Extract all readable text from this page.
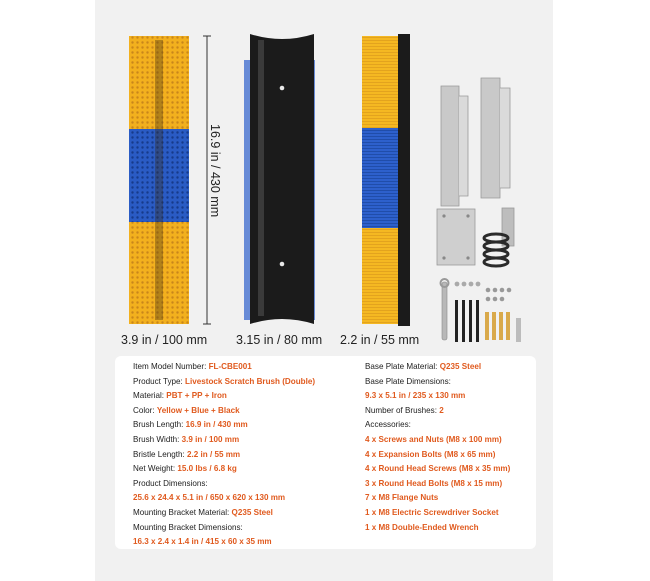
16.9 in / 430 mm
3.9 in / 100 mm 3.15 in / 80 mm 2.2 in / 55 mm
Item Model Number: FL-CBE001
Product Type: Livestock Scratch Brush (Double)
Material: PBT + PP + Iron
Color: Yellow + Blue + Black
Brush Length: 16.9 in / 430 mm
Brush Width: 3.9 in / 100 mm
Bristle Length: 2.2 in / 55 mm
Net Weight: 15.0 lbs / 6.8 kg
Product Dimensions:
25.6 x 24.4 x 5.1 in / 650 x 620 x 130 mm
Mounting Bracket Material: Q235 Steel
Mounting Bracket Dimensions:
16.3 x 2.4 x 1.4 in / 415 x 60 x 35 mm
Base Plate Material: Q235 Steel
Base Plate Dimensions:
9.3 x 5.1 in / 235 x 130 mm
Number of Brushes: 2
Accessories:
4 x Screws and Nuts (M8 x 100 mm)
4 x Expansion Bolts (M8 x 65 mm)
4 x Round Head Screws (M8 x 35 mm)
3 x Round Head Bolts (M8 x 15 mm)
7 x M8 Flange Nuts
1 x M8 Electric Screwdriver Socket
1 x M8 Double-Ended Wrench
